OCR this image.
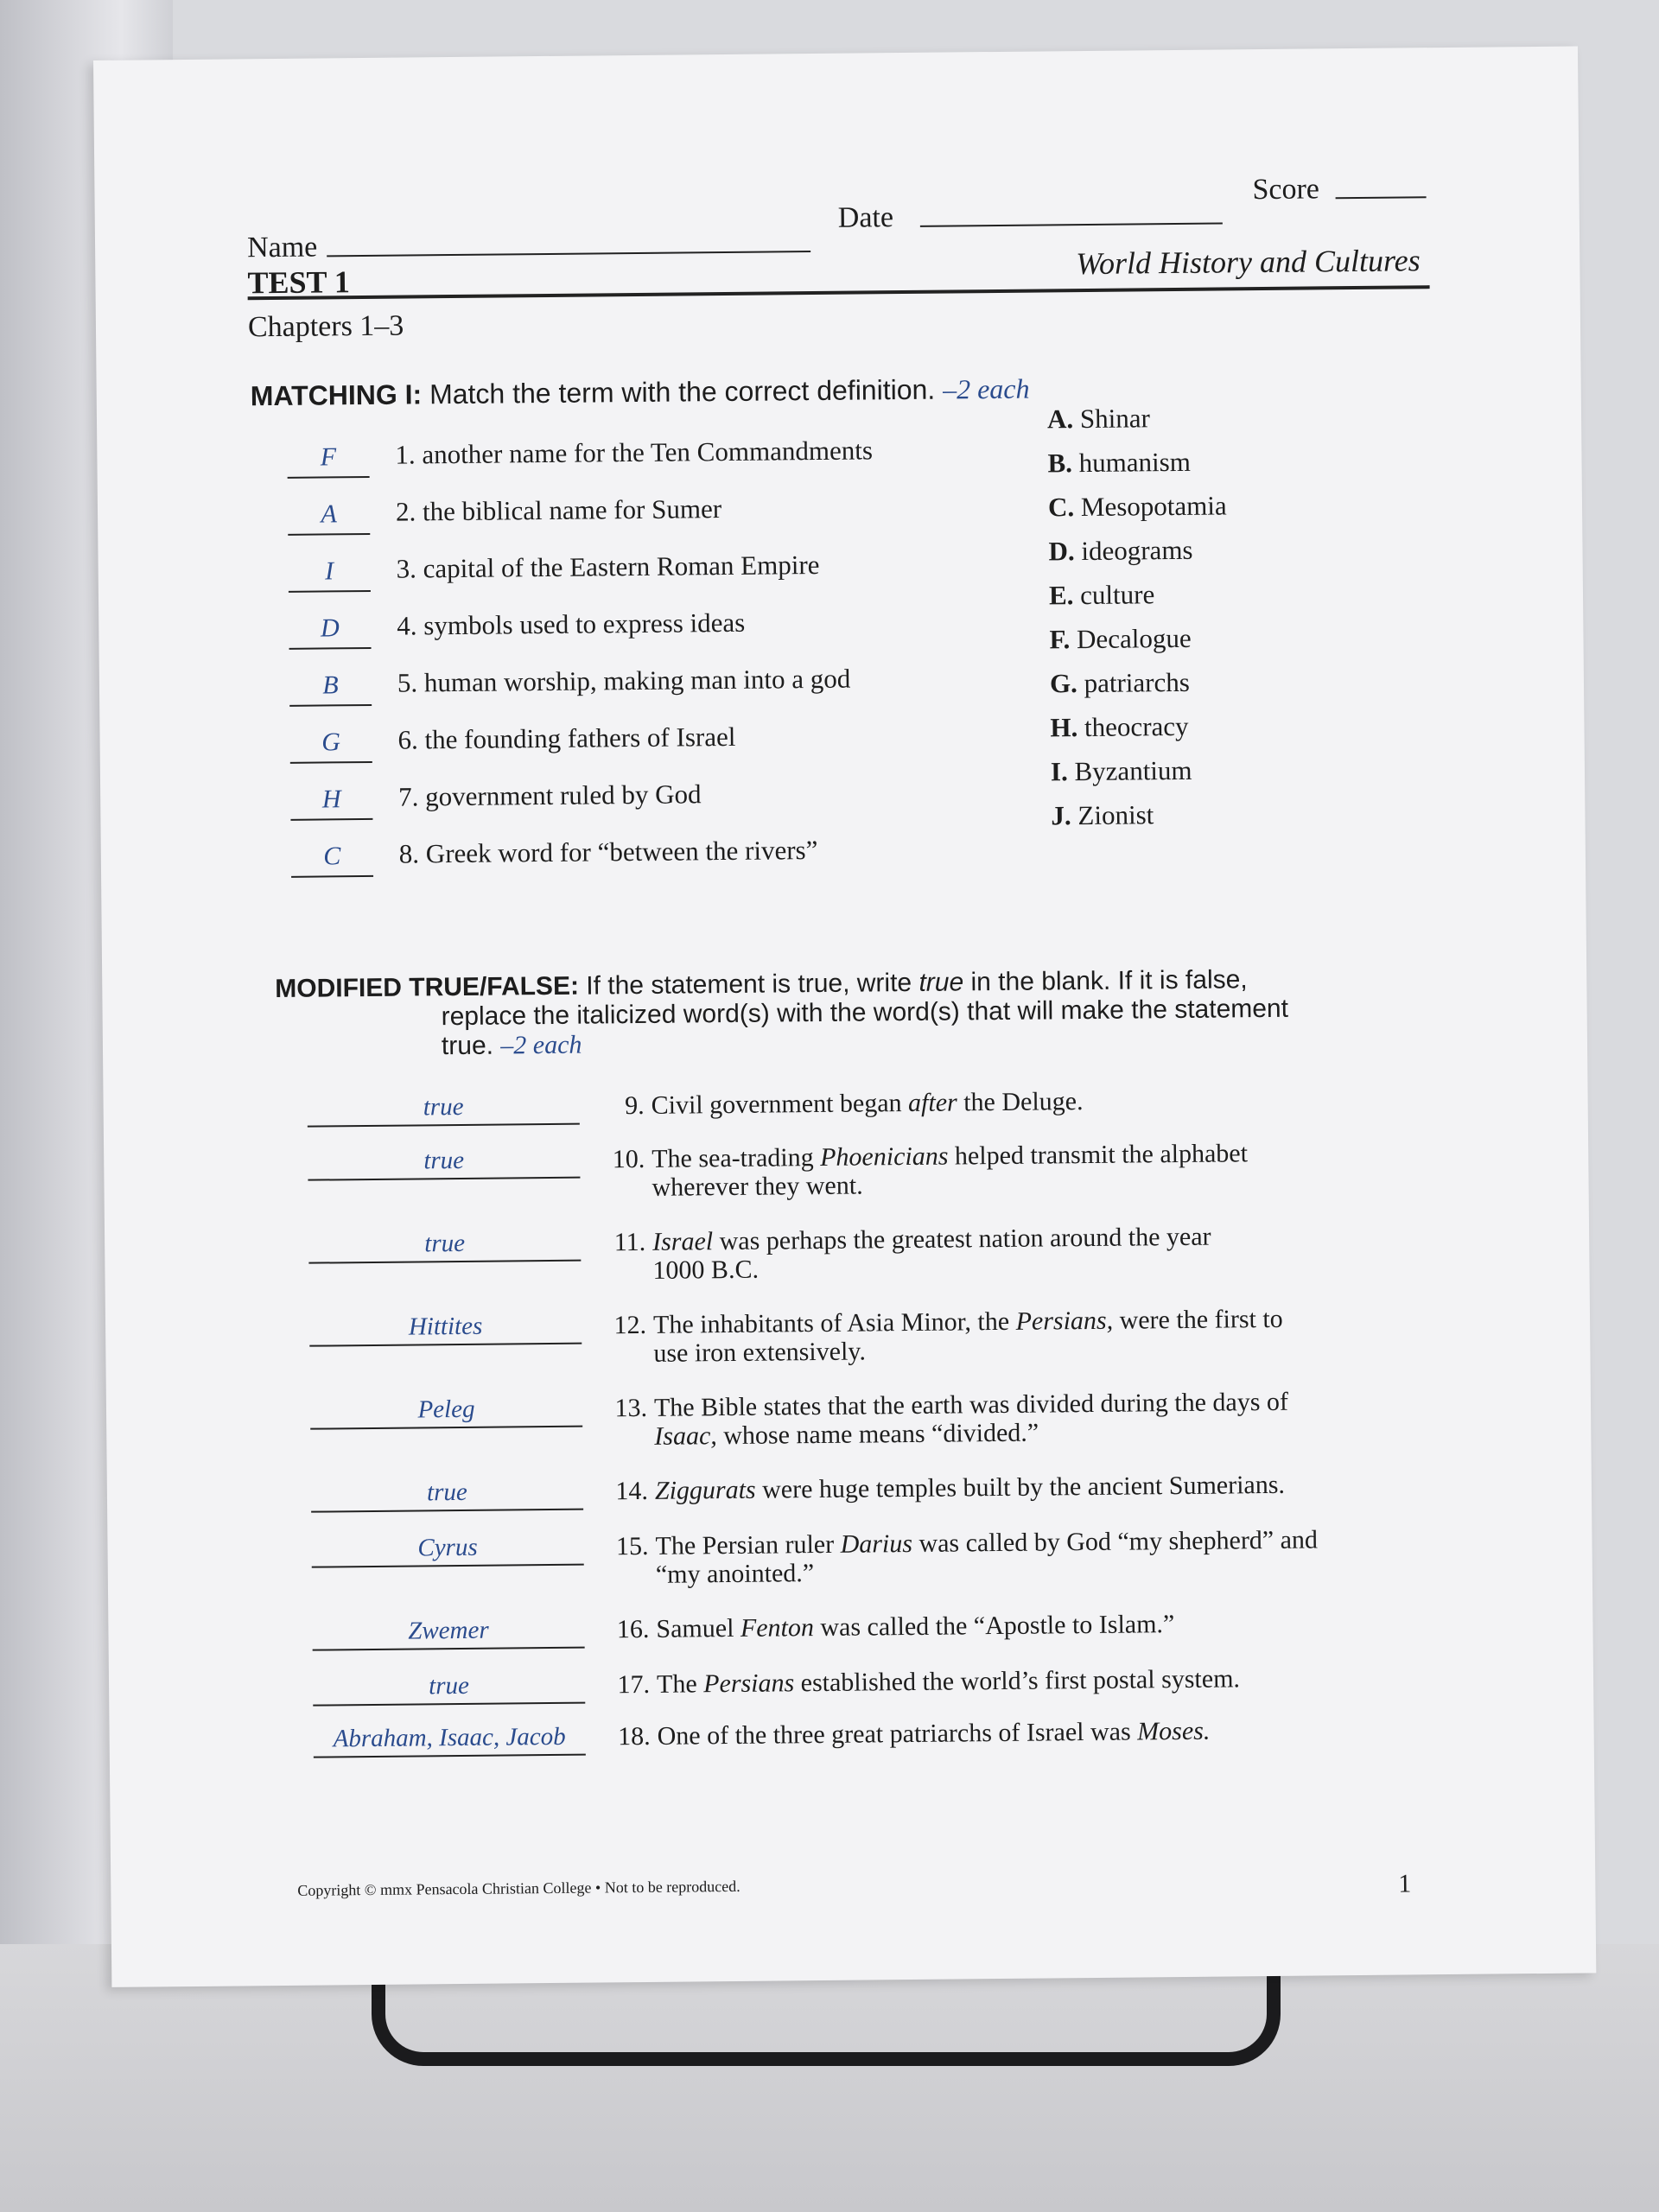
Name
Date
Score
World History and Cultures
TEST 1
Chapters 1–3
MATCHING I: Match the term with the correct definition. –2 each
F	1. another name for the Ten Commandments
A	2. the biblical name for Sumer
I	3. capital of the Eastern Roman Empire
D	4. symbols used to express ideas
B	5. human worship, making man into a god
G	6. the founding fathers of Israel
H	7. government ruled by God
C	8. Greek word for “between the rivers”
A. Shinar
B. humanism
C. Mesopotamia
D. ideograms
E. culture
F. Decalogue
G. patriarchs
H. theocracy
I. Byzantium
J. Zionist
MODIFIED TRUE/FALSE: If the statement is true, write true in the blank. If it is false,
replace the italicized word(s) with the word(s) that will make the statement
true. –2 each
true	9. Civil government began after the Deluge.
true	10. The sea-trading Phoenicians helped transmit the alphabet
wherever they went.
true	11. Israel was perhaps the greatest nation around the year
1000 B.C.
Hittites	12. The inhabitants of Asia Minor, the Persians, were the first to
use iron extensively.
Peleg	13. The Bible states that the earth was divided during the days of
Isaac, whose name means “divided.”
true	14. Ziggurats were huge temples built by the ancient Sumerians.
Cyrus	15. The Persian ruler Darius was called by God “my shepherd” and
“my anointed.”
Zwemer	16. Samuel Fenton was called the “Apostle to Islam.”
true	17. The Persians established the world’s first postal system.
Abraham, Isaac, Jacob	18. One of the three great patriarchs of Israel was Moses.
Copyright © mmx Pensacola Christian College • Not to be reproduced.	1
